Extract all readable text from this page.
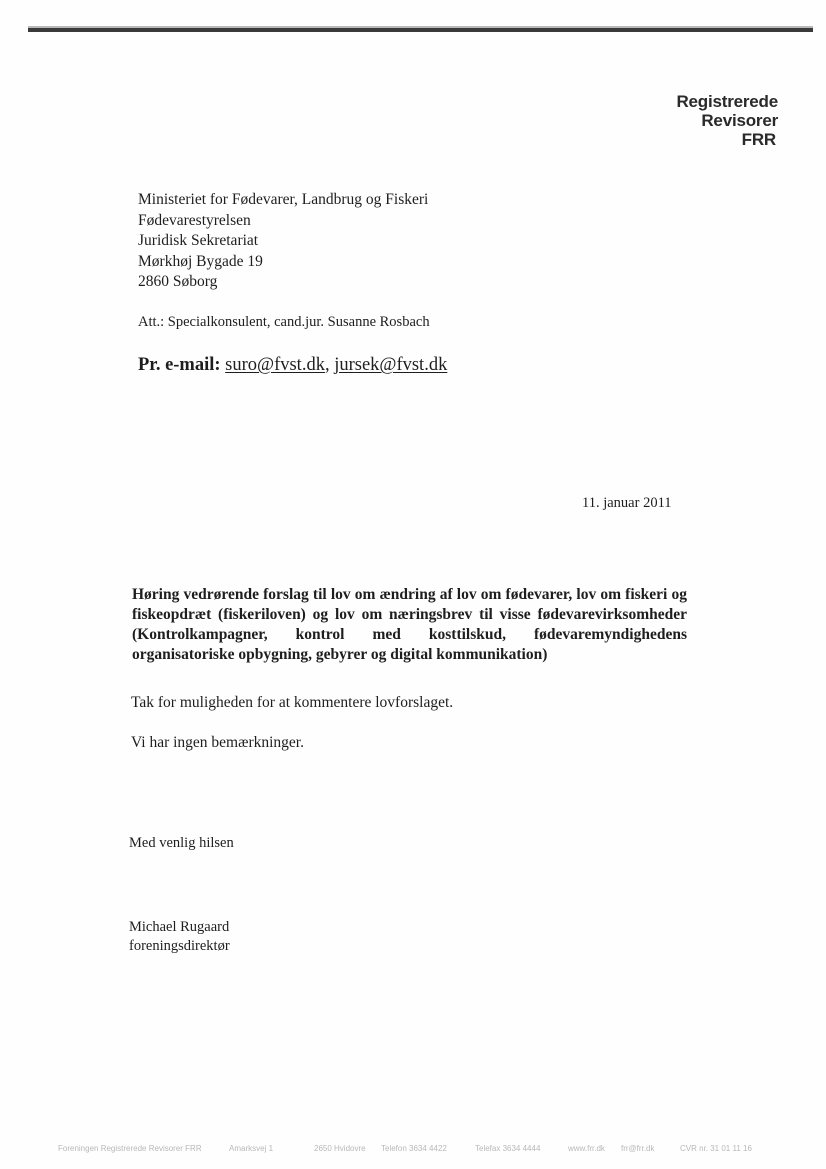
Registrerede
Revisorer
FRR
Ministeriet for Fødevarer, Landbrug og Fiskeri
Fødevarestyrelsen
Juridisk Sekretariat
Mørkhøj Bygade 19
2860 Søborg
Att.: Specialkonsulent, cand.jur. Susanne Rosbach
Pr. e-mail: suro@fvst.dk, jursek@fvst.dk
11. januar 2011
Høring vedrørende forslag til lov om ændring af lov om fødevarer, lov om fiskeri og fiskeopdræt (fiskeriloven) og lov om næringsbrev til visse fødevarevirksomheder (Kontrolkampagner, kontrol med kosttilskud, fødevaremyndighedens organisatoriske opbygning, gebyrer og digital kommunikation)
Tak for muligheden for at kommentere lovforslaget.
Vi har ingen bemærkninger.
Med venlig hilsen
Michael Rugaard
foreningsdirektør
Foreningen Registrerede Revisorer FRR	Amarksvej 1	2650 Hvidovre Telefon 3634 4422	Telefax 3634 4444	www.frr.dk frr@frr.dk	CVR nr. 31 01 11 16
